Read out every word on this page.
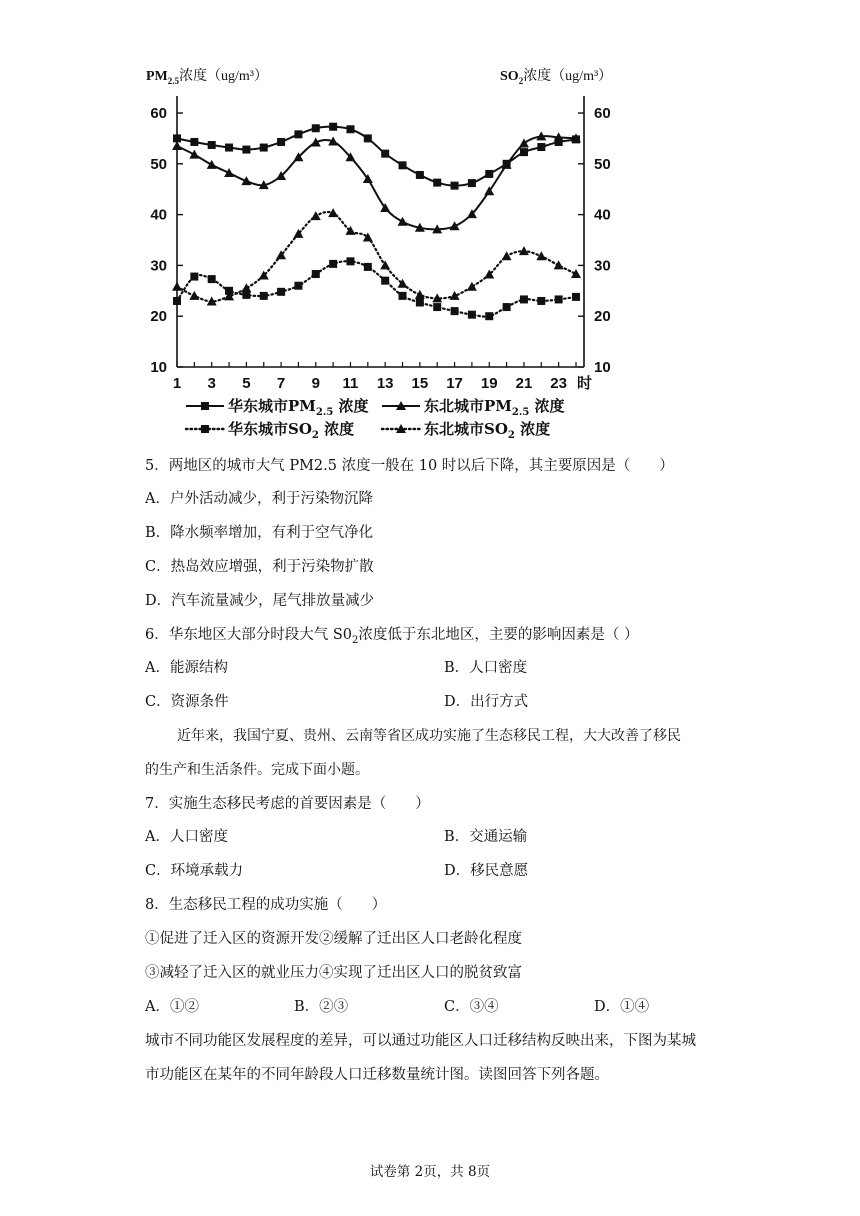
$PM_{2.5}$浓度（ug/m³）	$SO_2$浓度（ug/m³）
10	10
20	20
30	30
40	40
50	50
60	60
1 3 5 7 9 11 13 15 17 19 21 23 时
华东城市$PM_{2.5}$ 浓度	东北城市$PM_{2.5}$ 浓度
华东城市$SO_2$ 浓度	东北城市$SO_2$ 浓度
5．两地区的城市大气 PM2.5 浓度一般在 10 时以后下降，其主要原因是（　　）
A．户外活动减少，利于污染物沉降
B．降水频率增加，有利于空气净化
C．热岛效应增强，利于污染物扩散
D．汽车流量减少，尾气排放量减少
6．华东地区大部分时段大气 $S0_2$浓度低于东北地区，主要的影响因素是（ ）
A．能源结构	B．人口密度
C．资源条件	D．出行方式
近年来，我国宁夏、贵州、云南等省区成功实施了生态移民工程，大大改善了移民
的生产和生活条件。完成下面小题。
7．实施生态移民考虑的首要因素是（　　）
A．人口密度	B．交通运输
C．环境承载力	D．移民意愿
8．生态移民工程的成功实施（　　）
①促进了迁入区的资源开发②缓解了迁出区人口老龄化程度
③减轻了迁入区的就业压力④实现了迁出区人口的脱贫致富
A．①②	B．②③	C．③④	D．①④
城市不同功能区发展程度的差异，可以通过功能区人口迁移结构反映出来，下图为某城
市功能区在某年的不同年龄段人口迁移数量统计图。读图回答下列各题。
试卷第 2页，共 8页
